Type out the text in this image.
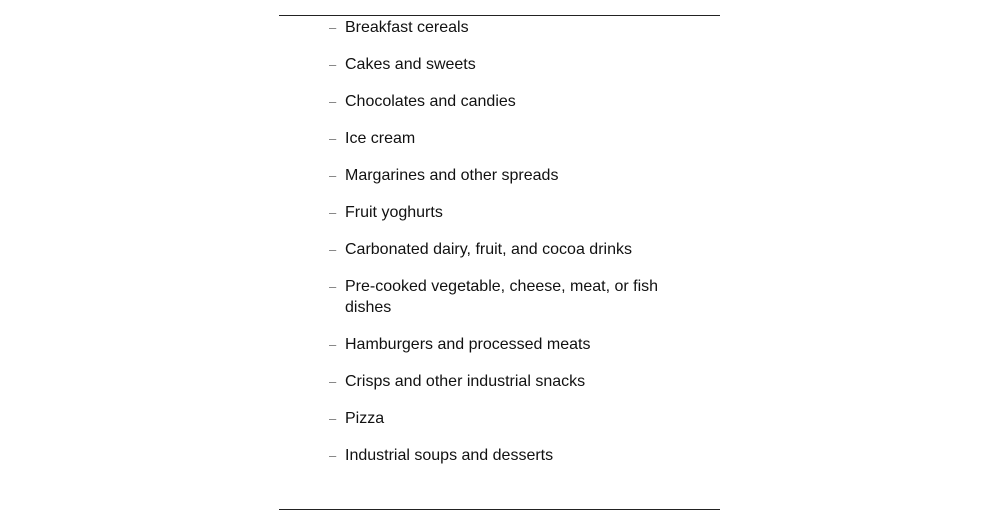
– Breakfast cereals
– Cakes and sweets
– Chocolates and candies
– Ice cream
– Margarines and other spreads
– Fruit yoghurts
– Carbonated dairy, fruit, and cocoa drinks
– Pre-cooked vegetable, cheese, meat, or fish dishes
– Hamburgers and processed meats
– Crisps and other industrial snacks
– Pizza
– Industrial soups and desserts
